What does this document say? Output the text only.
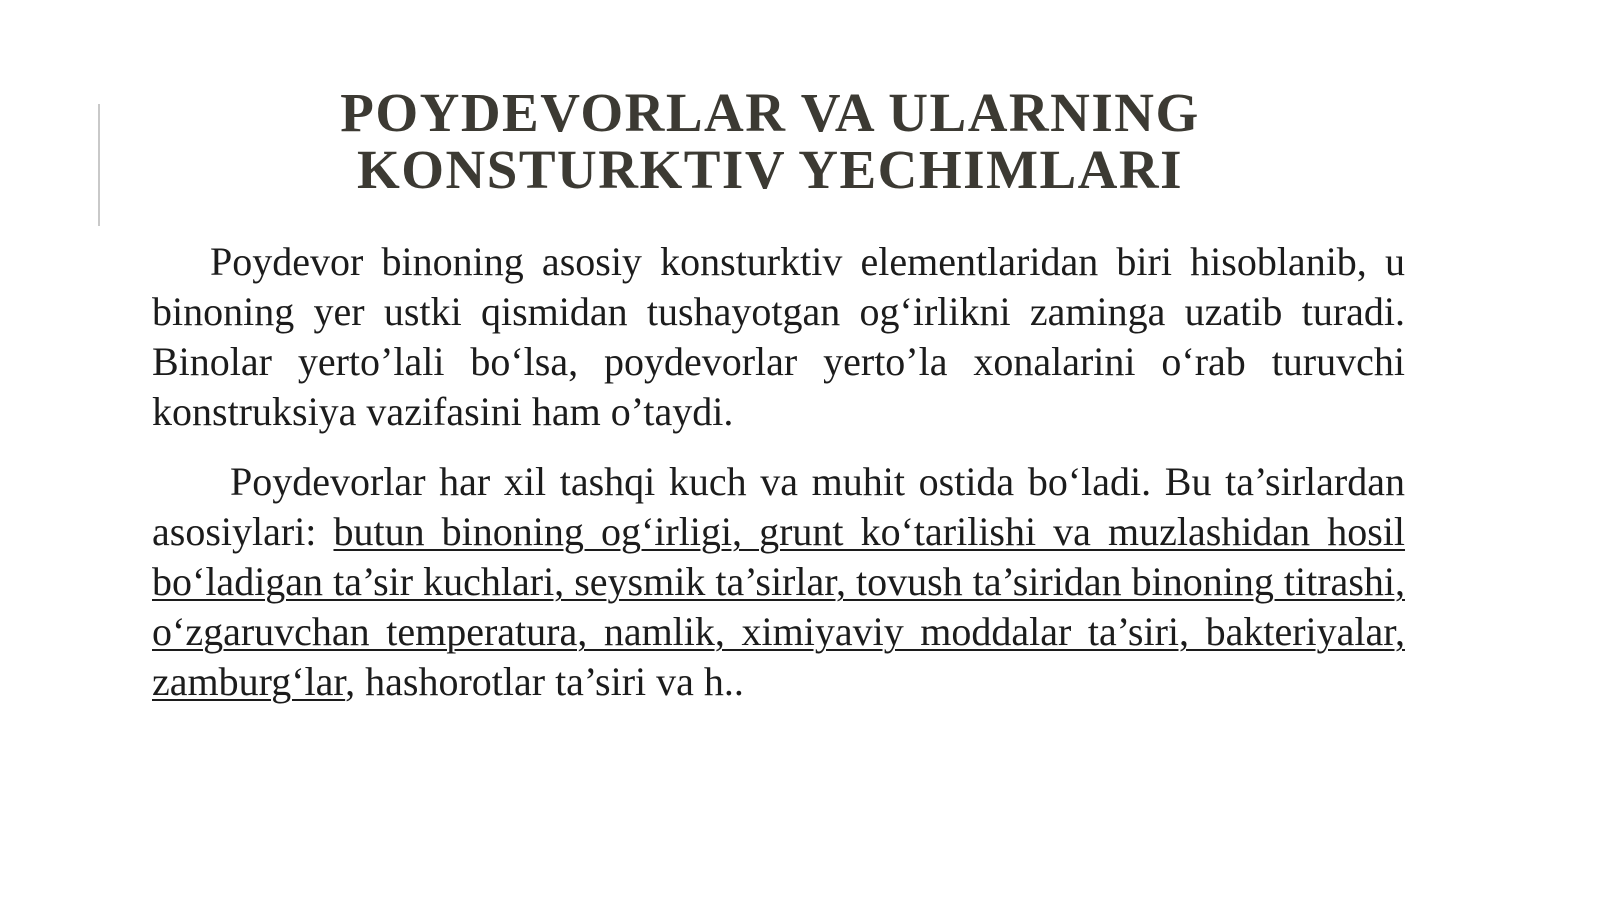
POYDEVORLAR VA ULARNING
KONSTURKTIV YECHIMLARI

Poydevor binoning asosiy konsturktiv elementlaridan biri hisoblanib, u binoning yer ustki qismidan tushayotgan og‘irlikni zaminga uzatib turadi. Binolar yerto’lali bo‘lsa, poydevorlar yerto’la xonalarini o‘rab turuvchi konstruksiya vazifasini ham o’taydi.

Poydevorlar har xil tashqi kuch va muhit ostida bo‘ladi. Bu ta’sirlardan asosiylari: butun binoning og‘irligi, grunt ko‘tarilishi va muzlashidan hosil bo‘ladigan ta’sir kuchlari, seysmik ta’sirlar, tovush ta’siridan binoning titrashi, o‘zgaruvchan temperatura, namlik, ximiyaviy moddalar ta’siri, bakteriyalar, zamburg‘lar, hashorotlar ta’siri va h..
